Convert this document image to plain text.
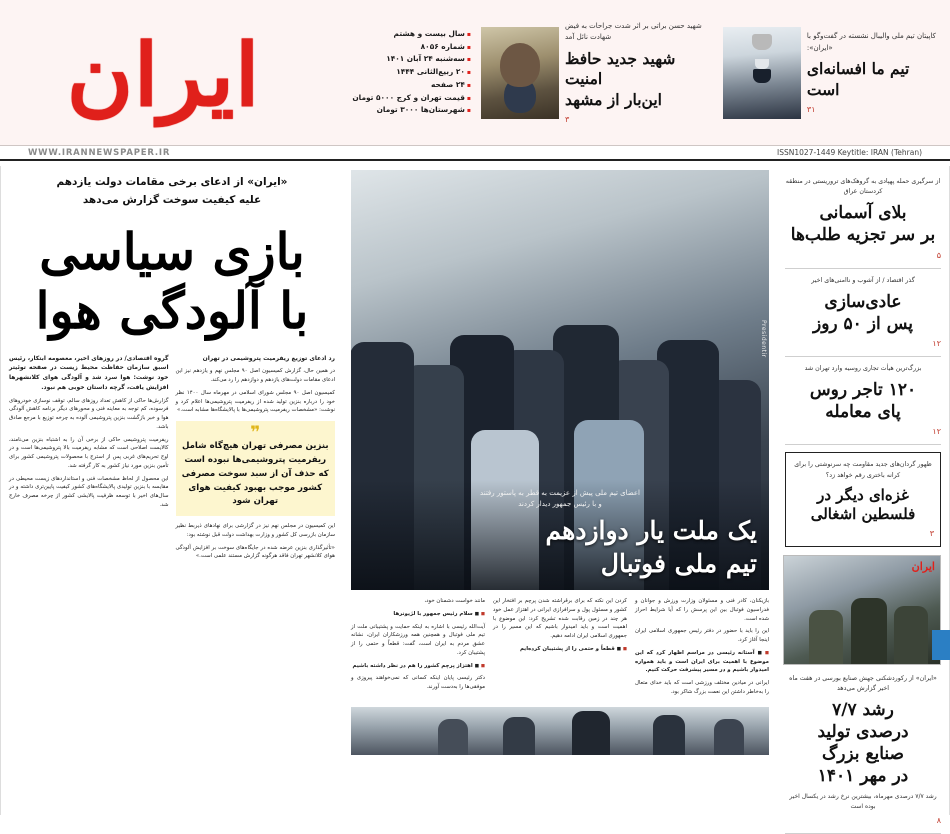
ایران	▪ سال بیست و هشتم
▪ شماره ۸۰۵۶
▪ سه‌شنبه ۲۴ آبان ۱۴۰۱
▪ ۲۰ ربیع‌الثانی ۱۴۴۴
▪ ۲۴ صفحه
▪ قیمت تهران و کرج ۵۰۰۰ تومان
▪ شهرستان‌ها ۳۰۰۰ تومان
شهید حسن براتی بر اثر شدت جراحات به فیض شهادت نائل آمد
شهید جدید حافظ امنیت
این‌بار از مشهد
۳
کاپیتان تیم ملی والیبال نشسته در گفت‌وگو با «ایران»:
تیم ما افسانه‌ای است
۳۱
ISSN1027-1449 Keytitle: IRAN (Tehran)
WWW.IRANNEWSPAPER.IR
«ایران» از ادعای برخی مقامات دولت یازدهم
علیه کیفیت سوخت گزارش می‌دهد
بازی سیاسی
با آلودگی هوا

گروه اقتصادی/ در روزهای اخیر، معصومه ابتکار، رئیس اسبق سازمان حفاظت محیط زیست در صفحه توئیتر خود نوشت: هوا سرد شد و آلودگی هوای کلانشهر‌ها افزایش یافت، گرچه داستان خوبی هم نبود.

گزارش‌ها حاکی از کاهش تعداد روزهای سالم، توقف نوسازی خودروهای فرسوده، کم توجه به معاینه فنی و محورهای دیگر برنامه کاهش آلودگی هوا و خبر بازگشت بنزین پتروشیمی آلوده به چرخه توزیع با مرجع صادق باشد.

ریفرمیت پتروشیمی حاکی از برخی آن را به اشتباه بنزین می‌نامند، کالایست اصلاحی است که مشابه ریفرمیت بالا پتروشیمی‌ها است و در اوج تحریم‌های غربی پس از استرج با محصولات پتروشیمی کشور برای تأمین بنزین مورد نیاز کشور به کار گرفته شد.

این محصول از لحاظ مشخصات فنی و استانداردهای زیست محیطی در مقایسه با بنزین تولیدی پالایشگاه‌های کشور کیفیت پایین‌تری داشته و در سال‌های اخیر با توسعه ظرفیت پالایشی کشور از چرخه مصرف خارج شد.

رد ادعای توزیع ریفرمیت پتروشیمی در تهران

در همین حال، گزارش کمیسیون اصل ۹۰ مجلس نهم و یازدهم نیز این ادعای مقامات دولت‌های یازدهم و دوازدهم را رد می‌کند.

کمیسیون اصل ۹۰ مجلس شورای اسلامی در مهرماه سال ۱۴۰۰ نظر خود را درباره بنزین تولید شده از ریفرمیت پتروشیمی‌ها اعلام کرد و نوشت: «مشخصات ریفرمیت پتروشیمی‌ها با پالایشگاه‌ها مشابه است.»

❞
بنزین مصرفی تهران هیچ‌گاه شامل ریفرمیت پتروشیمی‌ها نبوده است که حذف آن از سبد سوخت مصرفی کشور موجب بهبود کیفیت هوای تهران شود

این کمیسیون در مجلس نهم نیز در گزارشی برای نهادهای ذیربط نظیر سازمان بازرسی کل کشور و وزارت بهداشت دولت قبل نوشته بود:

«تأثیرگذاری بنزین عرضه شده در جایگاه‌های سوخت بر افزایش آلودگی هوای کلانشهر تهران فاقد هرگونه گزارش مستند علمی است.»

Presidentir
اعضای تیم ملی پیش از عزیمت به قطر به پاستور رفتند
و با رئیس جمهور دیدار کردند
یک ملت یار دوازدهم
تیم ملی فوتبال

مانند خواست دشمنان خود،

◼ ◼ سلام رئیس جمهور با لژیونرها

آیت‌الله رئیسی با اشاره به اینکه حمایت و پشتیبانی ملت از تیم ملی فوتبال و همچنین همه ورزشکاران ایران، نشانه عشق مردم به ایران است، گفت: قطعاً و حتمی را از پشتیبان کرد.

◼ ◼ اهتزاز پرچم کشور را هم در نظر داشته باشیم

دکتر رئیسی پایان اینکه کسانی که نمی‌خواهند پیروزی و موفقی‌ها را به‌دست آورند.

کردن این نکته که برای برقراشته شدن پرچم بر افتخار این کشور و مسئول پول و سرافرازی ایرانی در اهتزاز عمل خود هر چند در زمین رقابت شده تشریح کرد: این موضوع با اهمیت است و باید امیدوار باشیم که این مسیر را در جمهوری اسلامی ایران ادامه دهیم.

◼ ◼ قطعاً و حتمی را از پشتیبان کرده‌ایم

بازیکنان، کادر فنی و مسئولان وزارت ورزش و جوانان و فدراسیون فوتبال بین این پرسش را که آیا شرایط احراز شده است.

این را باید با حضور در دفتر رئیس جمهوری اسلامی ایران اینجا آغاز کرد.

◼ ◼ آستانه رئیسی در مراسم اظهار کرد که این موضوع با اهمیت برای ایران است و باید همواره امیدوار باشیم و در مسیر پیشرفت حرکت کنیم.

ایرانی در میادین مختلف ورزشی است که باید خدای متعال را به‌خاطر داشتن این نعمت بزرگ شاکر بود.

از سرگیری حمله پهپادی به گروهک‌های تروریستی در منطقه کردستان عراق
بلای آسمانی
بر سر تجزیه طلب‌ها
۵
گذر اقتصاد / از آشوب و ناامنی‌های اخیر
عادی‌سازی
پس از ۵۰ روز
۱۲
بزرگ‌ترین هیأت تجاری روسیه وارد تهران شد
۱۲۰ تاجر روس
پای معامله
۱۲
ظهور گردان‌های جدید مقاومت چه سرنوشتی را برای کرانه باختری رقم خواهد زد؟
غزه‌ای دیگر در
فلسطین اشغالی
۳
ایران
«ایران» از رکوردشکنی جهش صنایع بورسی در هفت ماه اخیر گزارش می‌دهد
رشد ۷/۷
درصدی تولید
صنایع بزرگ
در مهر ۱۴۰۱
رشد ۷/۷ درصدی مهرماه، بیشترین نرخ رشد در یکسال اخیر بوده است
۸
